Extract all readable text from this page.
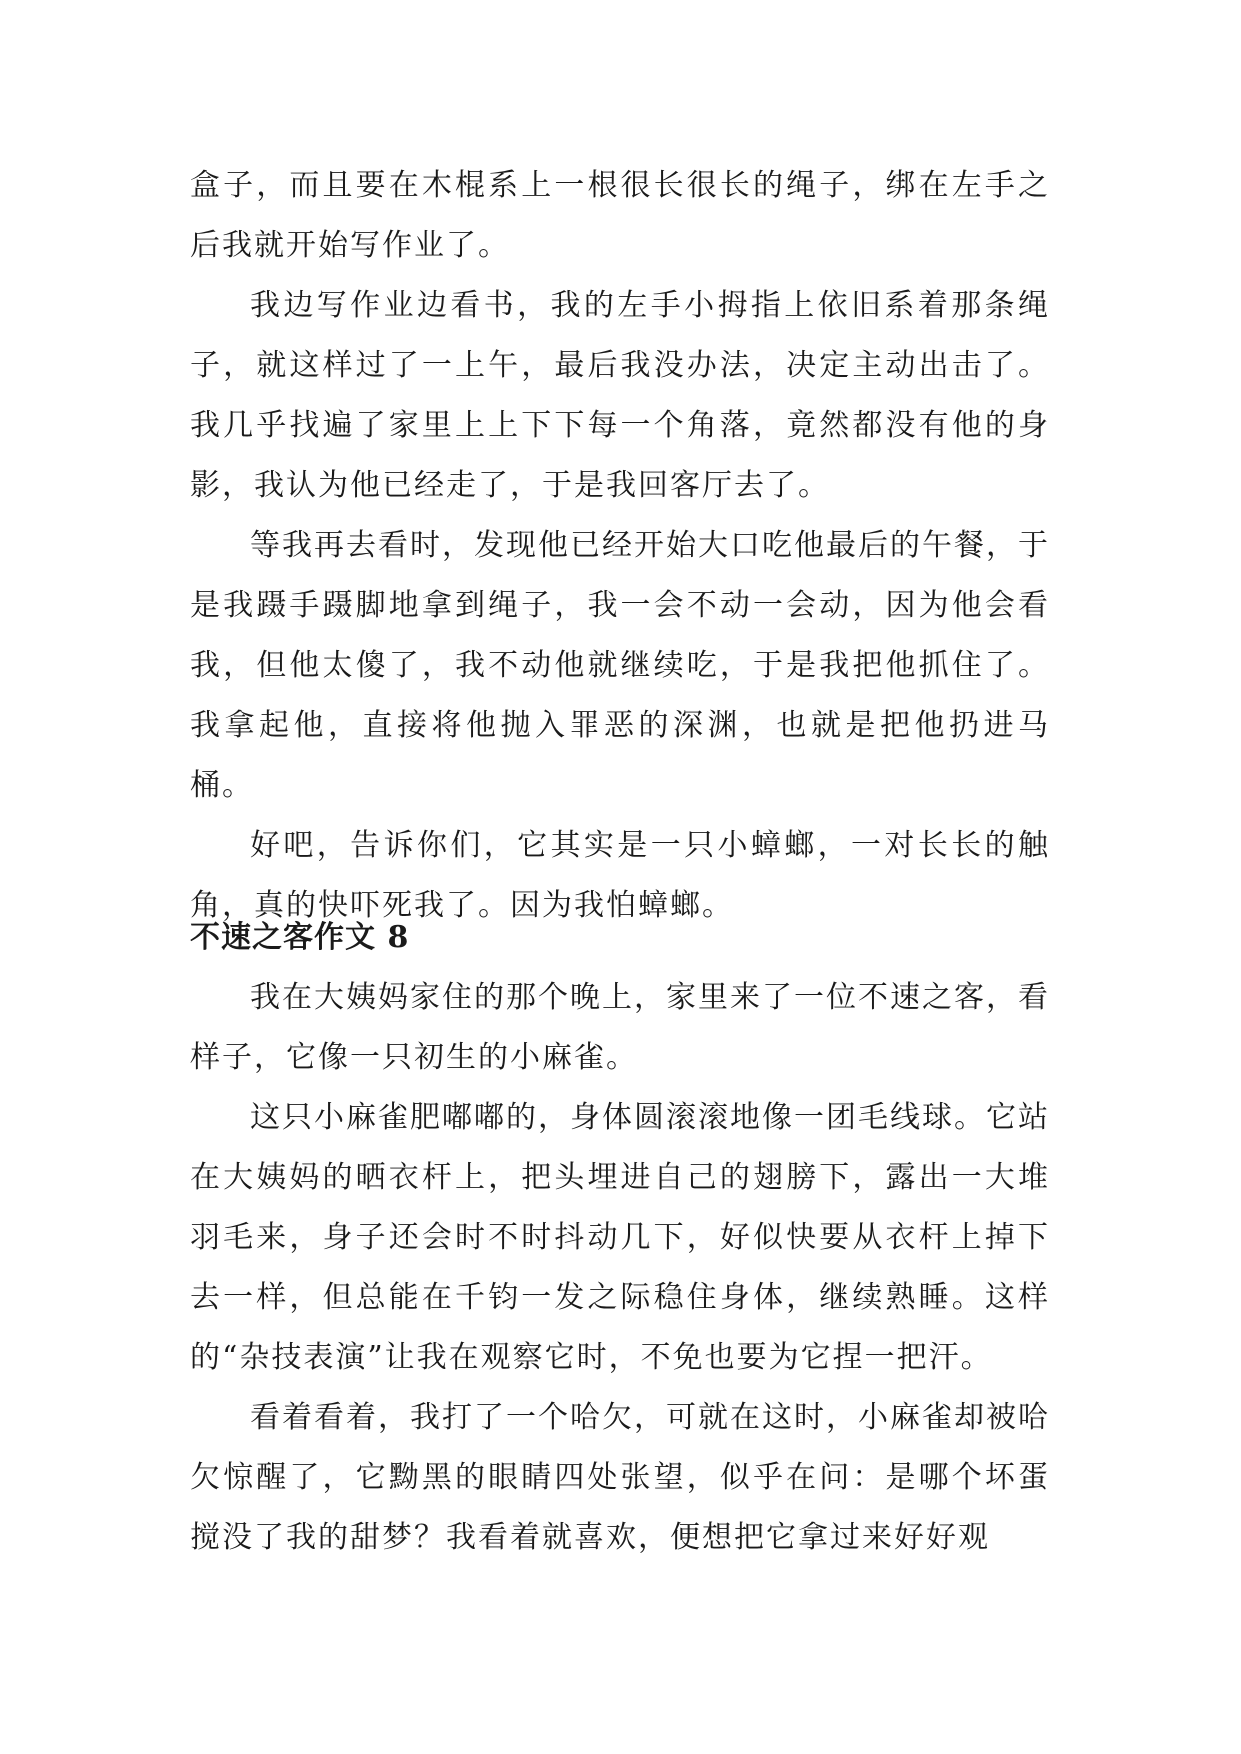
盒子，而且要在木棍系上一根很长很长的绳子，绑在左手之后我就开始写作业了。

我边写作业边看书，我的左手小拇指上依旧系着那条绳子，就这样过了一上午，最后我没办法，决定主动出击了。我几乎找遍了家里上上下下每一个角落，竟然都没有他的身影，我认为他已经走了，于是我回客厅去了。

等我再去看时，发现他已经开始大口吃他最后的午餐，于是我蹑手蹑脚地拿到绳子，我一会不动一会动，因为他会看我，但他太傻了，我不动他就继续吃，于是我把他抓住了。我拿起他，直接将他抛入罪恶的深渊，也就是把他扔进马桶。

好吧，告诉你们，它其实是一只小蟑螂，一对长长的触角，真的快吓死我了。因为我怕蟑螂。

不速之客作文 8

我在大姨妈家住的那个晚上，家里来了一位不速之客，看样子，它像一只初生的小麻雀。

这只小麻雀肥嘟嘟的，身体圆滚滚地像一团毛线球。它站在大姨妈的晒衣杆上，把头埋进自己的翅膀下，露出一大堆羽毛来，身子还会时不时抖动几下，好似快要从衣杆上掉下去一样，但总能在千钧一发之际稳住身体，继续熟睡。这样的“杂技表演”让我在观察它时，不免也要为它捏一把汗。

看着看着，我打了一个哈欠，可就在这时，小麻雀却被哈欠惊醒了，它黝黑的眼睛四处张望，似乎在问：是哪个坏蛋搅没了我的甜梦？我看着就喜欢，便想把它拿过来好好观
